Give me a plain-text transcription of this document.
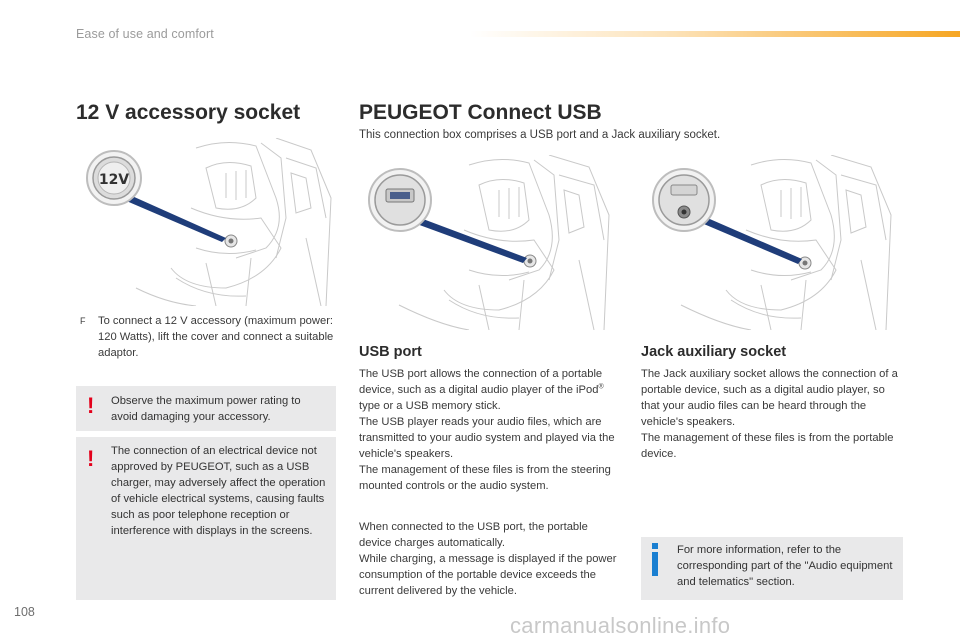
Ease of use and comfort
12 V accessory socket	PEUGEOT Connect USB
This connection box comprises a USB port and a Jack auxiliary socket.
12V
F To connect a 12 V accessory (maximum power: 120 Watts), lift the cover and connect a suitable adaptor.
! Observe the maximum power rating to avoid damaging your accessory.
! The connection of an electrical device not approved by PEUGEOT, such as a USB charger, may adversely affect the operation of vehicle electrical systems, causing faults such as poor telephone reception or interference with displays in the screens.
USB port
The USB port allows the connection of a portable device, such as a digital audio player of the iPod® type or a USB memory stick.
The USB player reads your audio files, which are transmitted to your audio system and played via the vehicle's speakers.
The management of these files is from the steering mounted controls or the audio system.
When connected to the USB port, the portable device charges automatically.
While charging, a message is displayed if the power consumption of the portable device exceeds the current delivered by the vehicle.
Jack auxiliary socket
The Jack auxiliary socket allows the connection of a portable device, such as a digital audio player, so that your audio files can be heard through the vehicle's speakers.
The management of these files is from the portable device.
For more information, refer to the corresponding part of the "Audio equipment and telematics" section.
108
carmanualsonline.info
